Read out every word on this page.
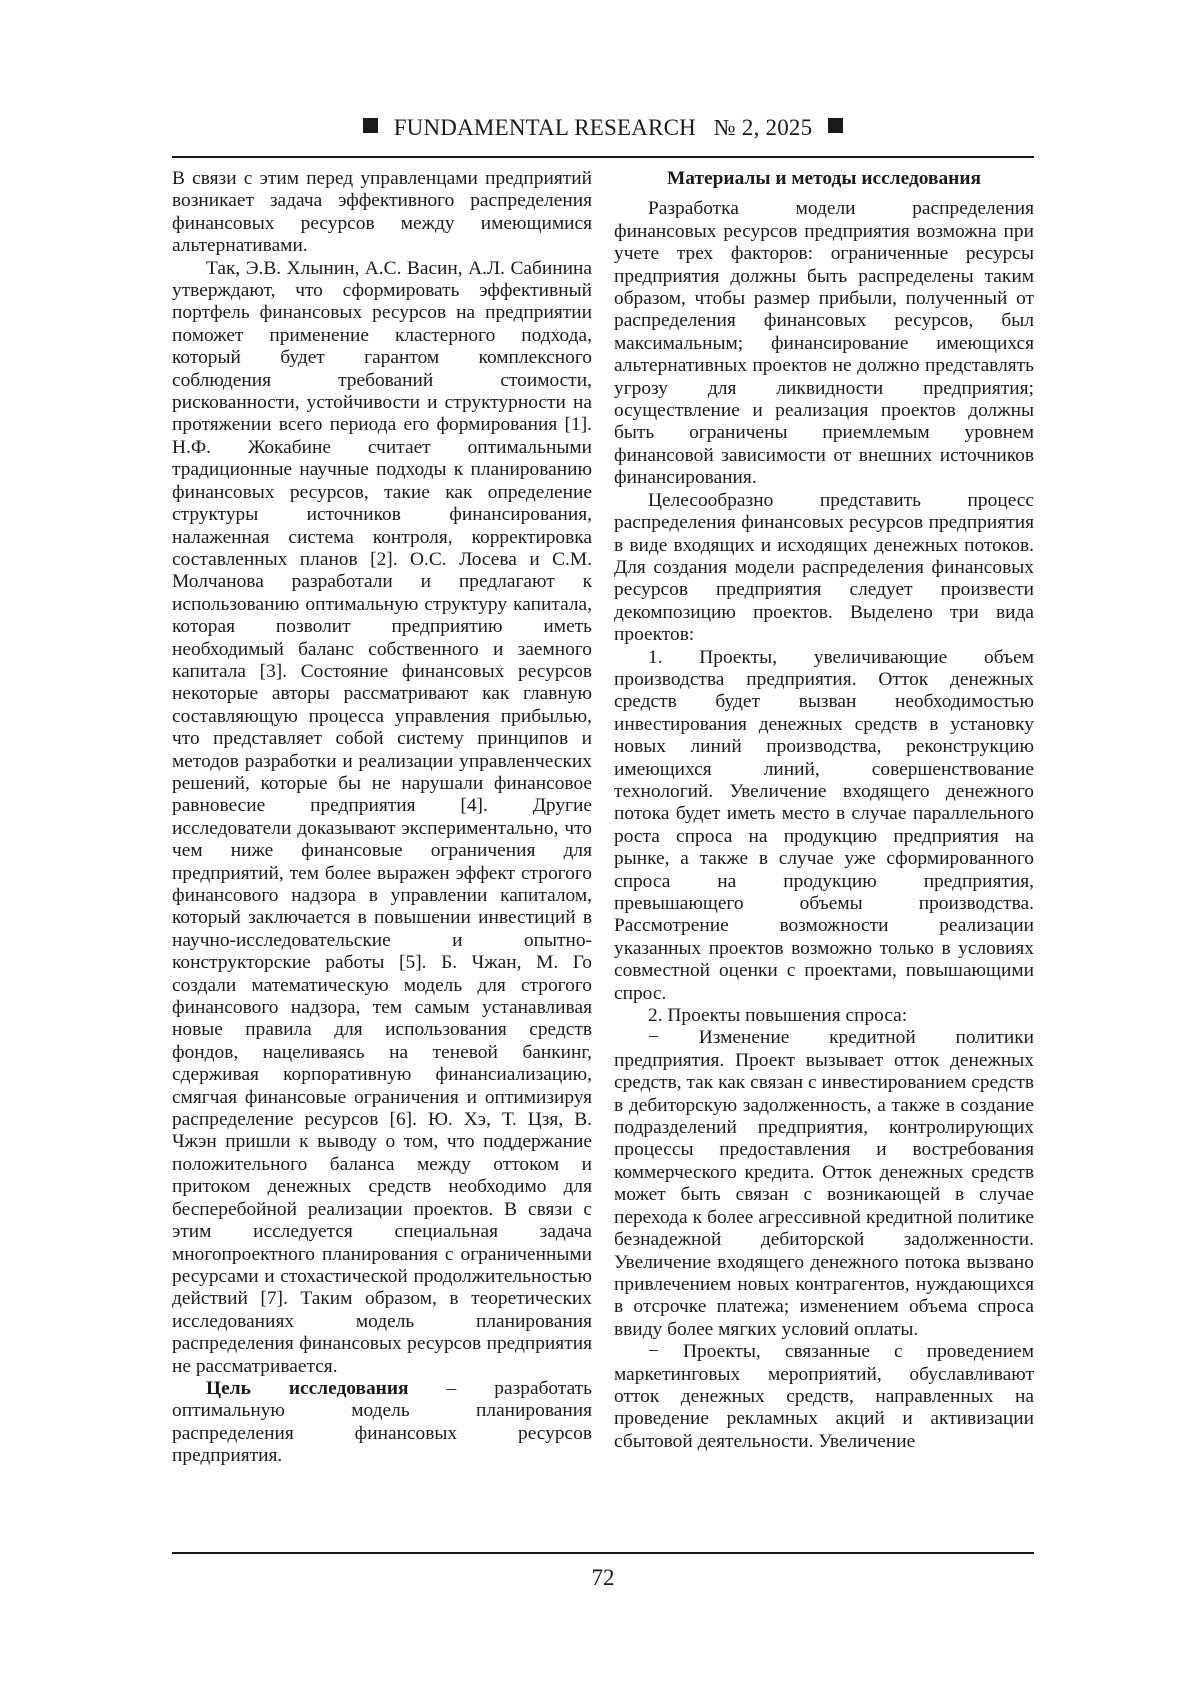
FUNDAMENTAL RESEARCH № 2, 2025

В связи с этим перед управленцами предприятий возникает задача эффективного распределения финансовых ресурсов между имеющимися альтернативами.

Так, Э.В. Хлынин, А.С. Васин, А.Л. Сабинина утверждают, что сформировать эффективный портфель финансовых ресурсов на предприятии поможет применение кластерного подхода, который будет гарантом комплексного соблюдения требований стоимости, рискованности, устойчивости и структурности на протяжении всего периода его формирования [1]. Н.Ф. Жокабине считает оптимальными традиционные научные подходы к планированию финансовых ресурсов, такие как определение структуры источников финансирования, налаженная система контроля, корректировка составленных планов [2]. О.С. Лосева и С.М. Молчанова разработали и предлагают к использованию оптимальную структуру капитала, которая позволит предприятию иметь необходимый баланс собственного и заемного капитала [3]. Состояние финансовых ресурсов некоторые авторы рассматривают как главную составляющую процесса управления прибылью, что представляет собой систему принципов и методов разработки и реализации управленческих решений, которые бы не нарушали финансовое равновесие предприятия [4]. Другие исследователи доказывают экспериментально, что чем ниже финансовые ограничения для предприятий, тем более выражен эффект строгого финансового надзора в управлении капиталом, который заключается в повышении инвестиций в научно-исследовательские и опытно-конструкторские работы [5]. Б. Чжан, М. Го создали математическую модель для строгого финансового надзора, тем самым устанавливая новые правила для использования средств фондов, нацеливаясь на теневой банкинг, сдерживая корпоративную финансиализацию, смягчая финансовые ограничения и оптимизируя распределение ресурсов [6]. Ю. Хэ, Т. Цзя, В. Чжэн пришли к выводу о том, что поддержание положительного баланса между оттоком и притоком денежных средств необходимо для бесперебойной реализации проектов. В связи с этим исследуется специальная задача многопроектного планирования с ограниченными ресурсами и стохастической продолжительностью действий [7]. Таким образом, в теоретических исследованиях модель планирования распределения финансовых ресурсов предприятия не рассматривается.

Цель исследования – разработать оптимальную модель планирования распределения финансовых ресурсов предприятия.

Материалы и методы исследования

Разработка модели распределения финансовых ресурсов предприятия возможна при учете трех факторов: ограниченные ресурсы предприятия должны быть распределены таким образом, чтобы размер прибыли, полученный от распределения финансовых ресурсов, был максимальным; финансирование имеющихся альтернативных проектов не должно представлять угрозу для ликвидности предприятия; осуществление и реализация проектов должны быть ограничены приемлемым уровнем финансовой зависимости от внешних источников финансирования.

Целесообразно представить процесс распределения финансовых ресурсов предприятия в виде входящих и исходящих денежных потоков. Для создания модели распределения финансовых ресурсов предприятия следует произвести декомпозицию проектов. Выделено три вида проектов:

1. Проекты, увеличивающие объем производства предприятия. Отток денежных средств будет вызван необходимостью инвестирования денежных средств в установку новых линий производства, реконструкцию имеющихся линий, совершенствование технологий. Увеличение входящего денежного потока будет иметь место в случае параллельного роста спроса на продукцию предприятия на рынке, а также в случае уже сформированного спроса на продукцию предприятия, превышающего объемы производства. Рассмотрение возможности реализации указанных проектов возможно только в условиях совместной оценки с проектами, повышающими спрос.

2. Проекты повышения спроса:

− Изменение кредитной политики предприятия. Проект вызывает отток денежных средств, так как связан с инвестированием средств в дебиторскую задолженность, а также в создание подразделений предприятия, контролирующих процессы предоставления и востребования коммерческого кредита. Отток денежных средств может быть связан с возникающей в случае перехода к более агрессивной кредитной политике безнадежной дебиторской задолженности. Увеличение входящего денежного потока вызвано привлечением новых контрагентов, нуждающихся в отсрочке платежа; изменением объема спроса ввиду более мягких условий оплаты.

− Проекты, связанные с проведением маркетинговых мероприятий, обуславливают отток денежных средств, направленных на проведение рекламных акций и активизации сбытовой деятельности. Увеличение

72
